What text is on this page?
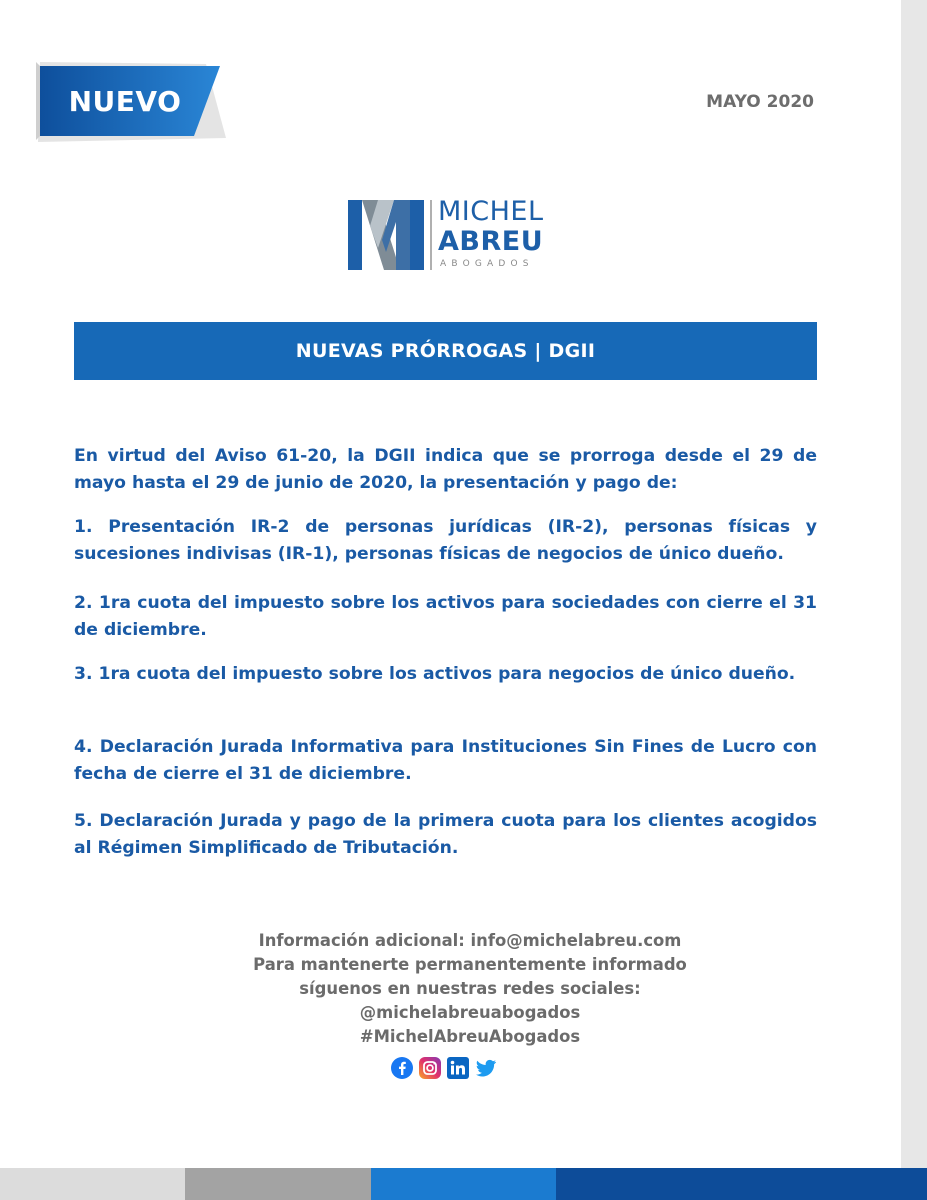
NUEVO	MAYO 2020
MICHEL
ABREU
ABOGADOS
NUEVAS PRÓRROGAS | DGII
En virtud del Aviso 61-20, la DGII indica que se prorroga desde el 29 de mayo hasta el 29 de junio de 2020, la presentación y pago de:
1. Presentación IR-2 de personas jurídicas (IR-2), personas físicas y sucesiones indivisas (IR-1), personas físicas de negocios de único dueño.
2. 1ra cuota del impuesto sobre los activos para sociedades con cierre el 31 de diciembre.
3. 1ra cuota del impuesto sobre los activos para negocios de único dueño.
4. Declaración Jurada Informativa para Instituciones Sin Fines de Lucro con fecha de cierre el 31 de diciembre.
5. Declaración Jurada y pago de la primera cuota para los clientes acogidos al Régimen Simplificado de Tributación.
Información adicional: info@michelabreu.com
Para mantenerte permanentemente informado
síguenos en nuestras redes sociales:
@michelabreuabogados
#MichelAbreuAbogados
